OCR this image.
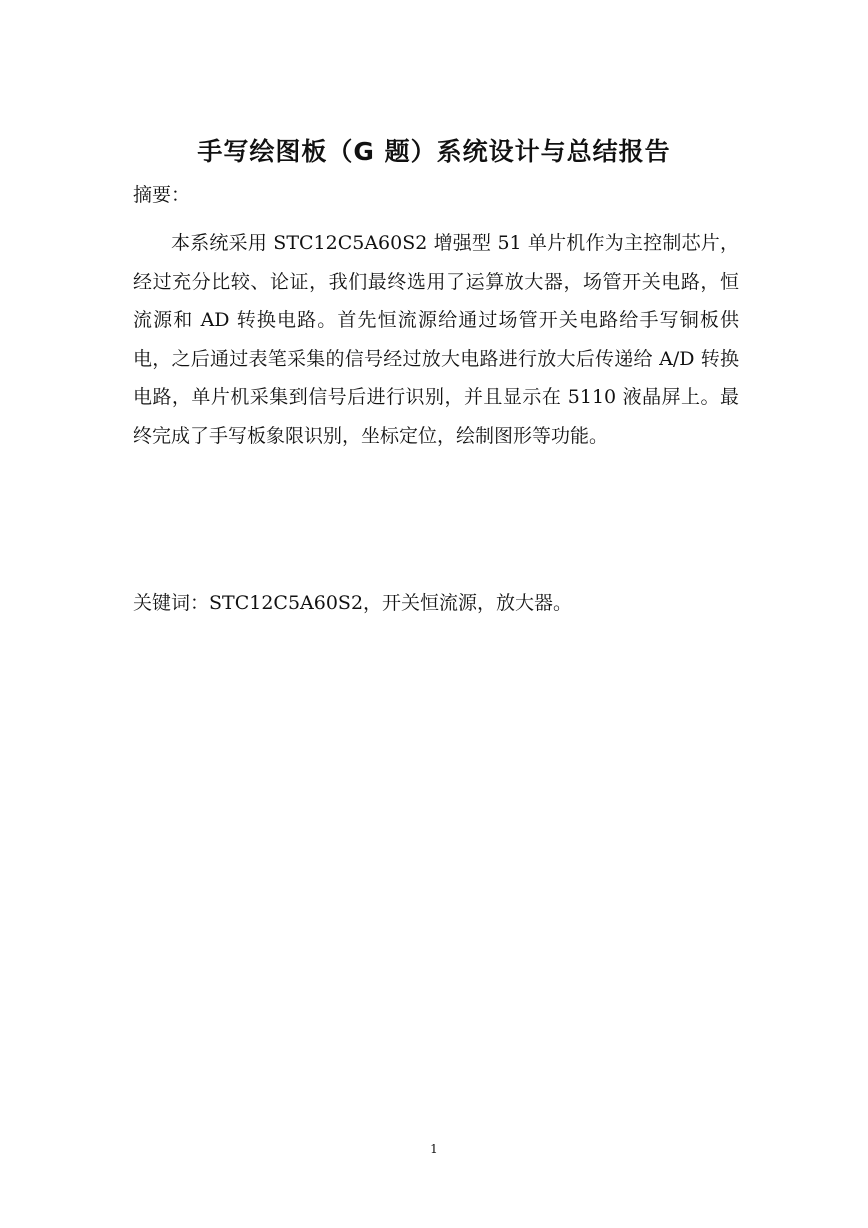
手写绘图板（G 题）系统设计与总结报告
摘要：
本系统采用 STC12C5A60S2 增强型 51 单片机作为主控制芯片，经过充分比较、论证，我们最终选用了运算放大器，场管开关电路，恒流源和 AD 转换电路。首先恒流源给通过场管开关电路给手写铜板供电，之后通过表笔采集的信号经过放大电路进行放大后传递给 A/D 转换电路，单片机采集到信号后进行识别，并且显示在 5110 液晶屏上。最终完成了手写板象限识别，坐标定位，绘制图形等功能。
关键词：STC12C5A60S2，开关恒流源，放大器。
1
